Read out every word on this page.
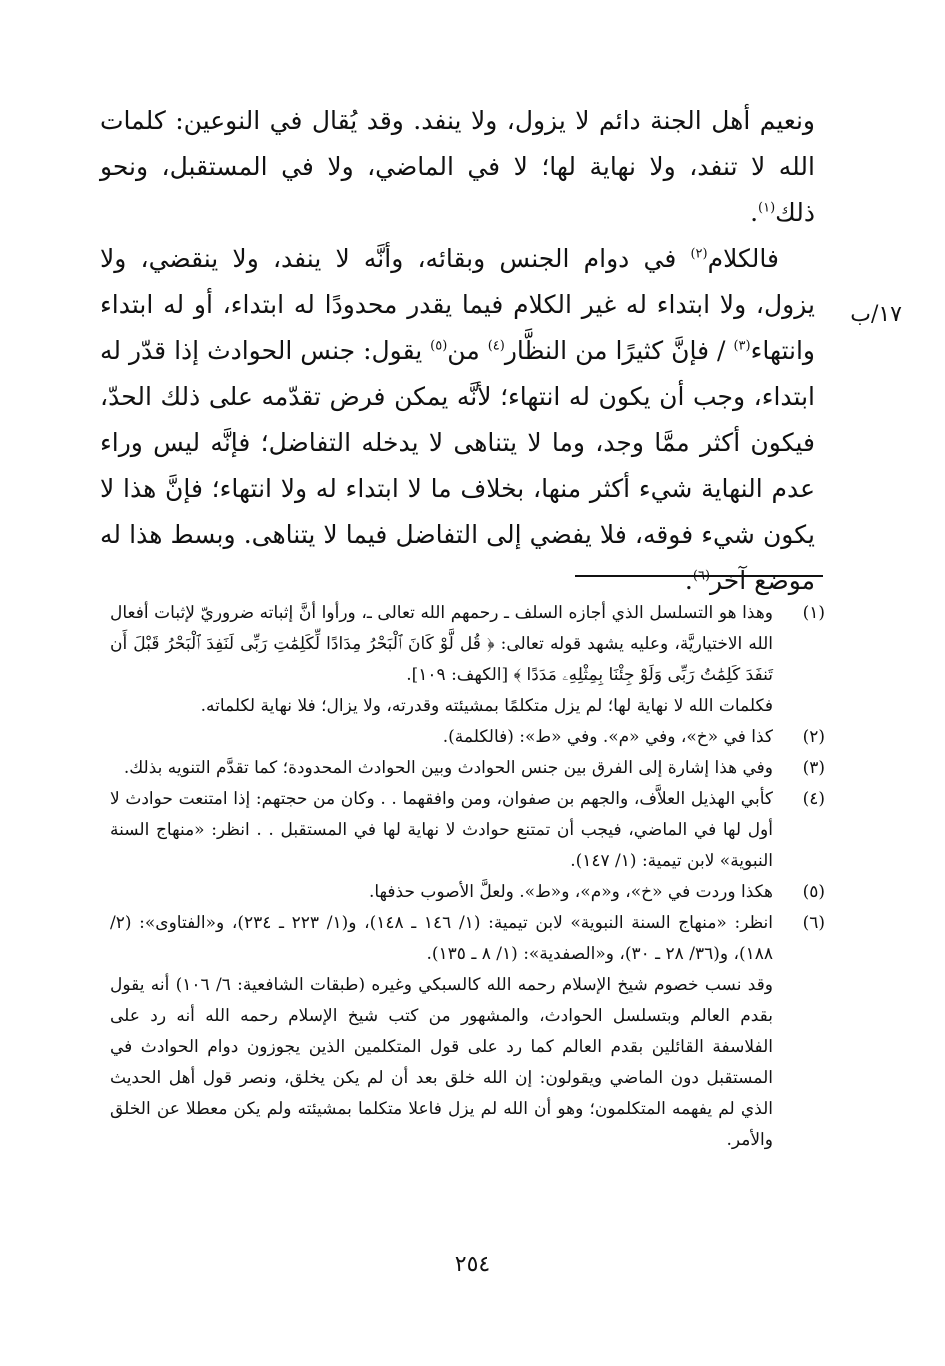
١٧/ب

ونعيم أهل الجنة دائم لا يزول، ولا ينفد. وقد يُقال في النوعين: كلمات الله لا تنفد، ولا نهاية لها؛ لا في الماضي، ولا في المستقبل، ونحو ذلك$^{(١)}$.

فالكلام$^{(٢)}$ في دوام الجنس وبقائه، وأنَّه لا ينفد، ولا ينقضي، ولا يزول، ولا ابتداء له غير الكلام فيما يقدر محدودًا له ابتداء، أو له ابتداء وانتهاء$^{(٣)}$ / فإنَّ كثيرًا من النظَّار$^{(٤)}$ من$^{(٥)}$ يقول: جنس الحوادث إذا قدّر له ابتداء، وجب أن يكون له انتهاء؛ لأنَّه يمكن فرض تقدّمه على ذلك الحدّ، فيكون أكثر ممَّا وجد، وما لا يتناهى لا يدخله التفاضل؛ فإنَّه ليس وراء عدم النهاية شيء أكثر منها، بخلاف ما لا ابتداء له ولا انتهاء؛ فإنَّ هذا لا يكون شيء فوقه، فلا يفضي إلى التفاضل فيما لا يتناهى. وبسط هذا له موضع آخر$^{(٦)}$.

(١)
وهذا هو التسلسل الذي أجازه السلف ـ رحمهم الله تعالى ـ، ورأوا أنَّ إثباته ضروريّ لإثبات أفعال الله الاختياريَّة، وعليه يشهد قوله تعالى: ﴿ قُل لَّوْ كَانَ ٱلْبَحْرُ مِدَادًا لِّكَلِمَٰتِ رَبِّى لَنَفِدَ ٱلْبَحْرُ قَبْلَ أَن تَنفَدَ كَلِمَٰتُ رَبِّى وَلَوْ جِئْنَا بِمِثْلِهِۦ مَدَدًا ﴾ [الكهف: ١٠٩].
فكلمات الله لا نهاية لها؛ لم يزل متكلمًا بمشيئته وقدرته، ولا يزال؛ فلا نهاية لكلماته.
(٢)
كذا في «خ»، وفي «م». وفي «ط»: (فالكلمة).
(٣)
وفي هذا إشارة إلى الفرق بين جنس الحوادث وبين الحوادث المحدودة؛ كما تقدَّم التنويه بذلك.
(٤)
كأبي الهذيل العلاَّف، والجهم بن صفوان، ومن وافقهما . . وكان من حجتهم: إذا امتنعت حوادث لا أول لها في الماضي، فيجب أن تمتنع حوادث لا نهاية لها في المستقبل . . انظر: «منهاج السنة النبوية» لابن تيمية: (١/ ١٤٧).
(٥)
هكذا وردت في «خ»، و«م»، و«ط». ولعلَّ الأصوب حذفها.
(٦)
انظر: «منهاج السنة النبوية» لابن تيمية: (١/ ١٤٦ ـ ١٤٨)، و(١/ ٢٢٣ ـ ٢٣٤)، و«الفتاوى»: (٢/ ١٨٨)، و(٣٦/ ٢٨ ـ ٣٠)، و«الصفدية»: (١/ ٨ ـ ١٣٥).
وقد نسب خصوم شيخ الإسلام رحمه الله كالسبكي وغيره (طبقات الشافعية: ٦/ ١٠٦) أنه يقول بقدم العالم وبتسلسل الحوادث، والمشهور من كتب شيخ الإسلام رحمه الله أنه رد على الفلاسفة القائلين بقدم العالم كما رد على قول المتكلمين الذين يجوزون دوام الحوادث في المستقبل دون الماضي ويقولون: إن الله خلق بعد أن لم يكن يخلق، ونصر قول أهل الحديث الذي لم يفهمه المتكلمون؛ وهو أن الله لم يزل فاعلا متكلما بمشيئته ولم يكن معطلا عن الخلق والأمر.
٢٥٤
